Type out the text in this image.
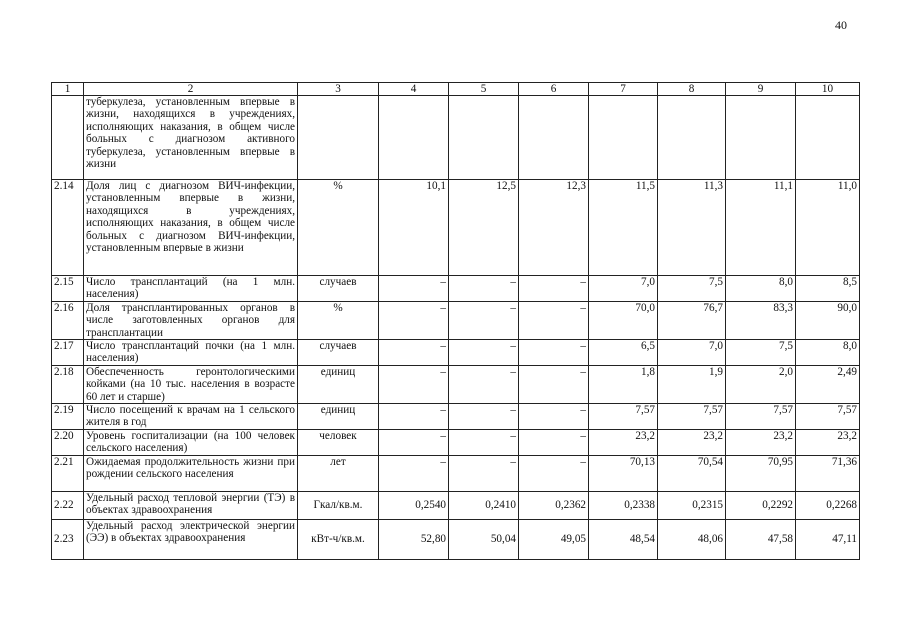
40
1	2	3	4	5	6	7	8	9	10
	туберкулеза, установленным впервые в жизни, находящихся в учреждениях, исполняющих наказания, в общем числе больных с диагнозом активного туберкулеза, установленным впервые в жизни								
2.14	Доля лиц с диагнозом ВИЧ-инфекции, установленным впервые в жизни, находящихся в учреждениях, исполняющих наказания, в общем числе больных с диагнозом ВИЧ-инфекции, установленным впервые в жизни	%	10,1	12,5	12,3	11,5	11,3	11,1	11,0
2.15	Число трансплантаций (на 1 млн. населения)	случаев	–	–	–	7,0	7,5	8,0	8,5
2.16	Доля трансплантированных органов в числе заготовленных органов для трансплантации	%	–	–	–	70,0	76,7	83,3	90,0
2.17	Число трансплантаций почки (на 1 млн. населения)	случаев	–	–	–	6,5	7,0	7,5	8,0
2.18	Обеспеченность геронтологическими койками (на 10 тыс. населения в возрасте 60 лет и старше)	единиц	–	–	–	1,8	1,9	2,0	2,49
2.19	Число посещений к врачам на 1 сельского жителя в год	единиц	–	–	–	7,57	7,57	7,57	7,57
2.20	Уровень госпитализации (на 100 человек сельского населения)	человек	–	–	–	23,2	23,2	23,2	23,2
2.21	Ожидаемая продолжительность жизни при рождении сельского населения	лет	–	–	–	70,13	70,54	70,95	71,36
2.22	Удельный расход тепловой энергии (ТЭ) в объектах здравоохранения	Гкал/кв.м.	0,2540	0,2410	0,2362	0,2338	0,2315	0,2292	0,2268
2.23	Удельный расход электрической энергии (ЭЭ) в объектах здравоохранения	кВт-ч/кв.м.	52,80	50,04	49,05	48,54	48,06	47,58	47,11
